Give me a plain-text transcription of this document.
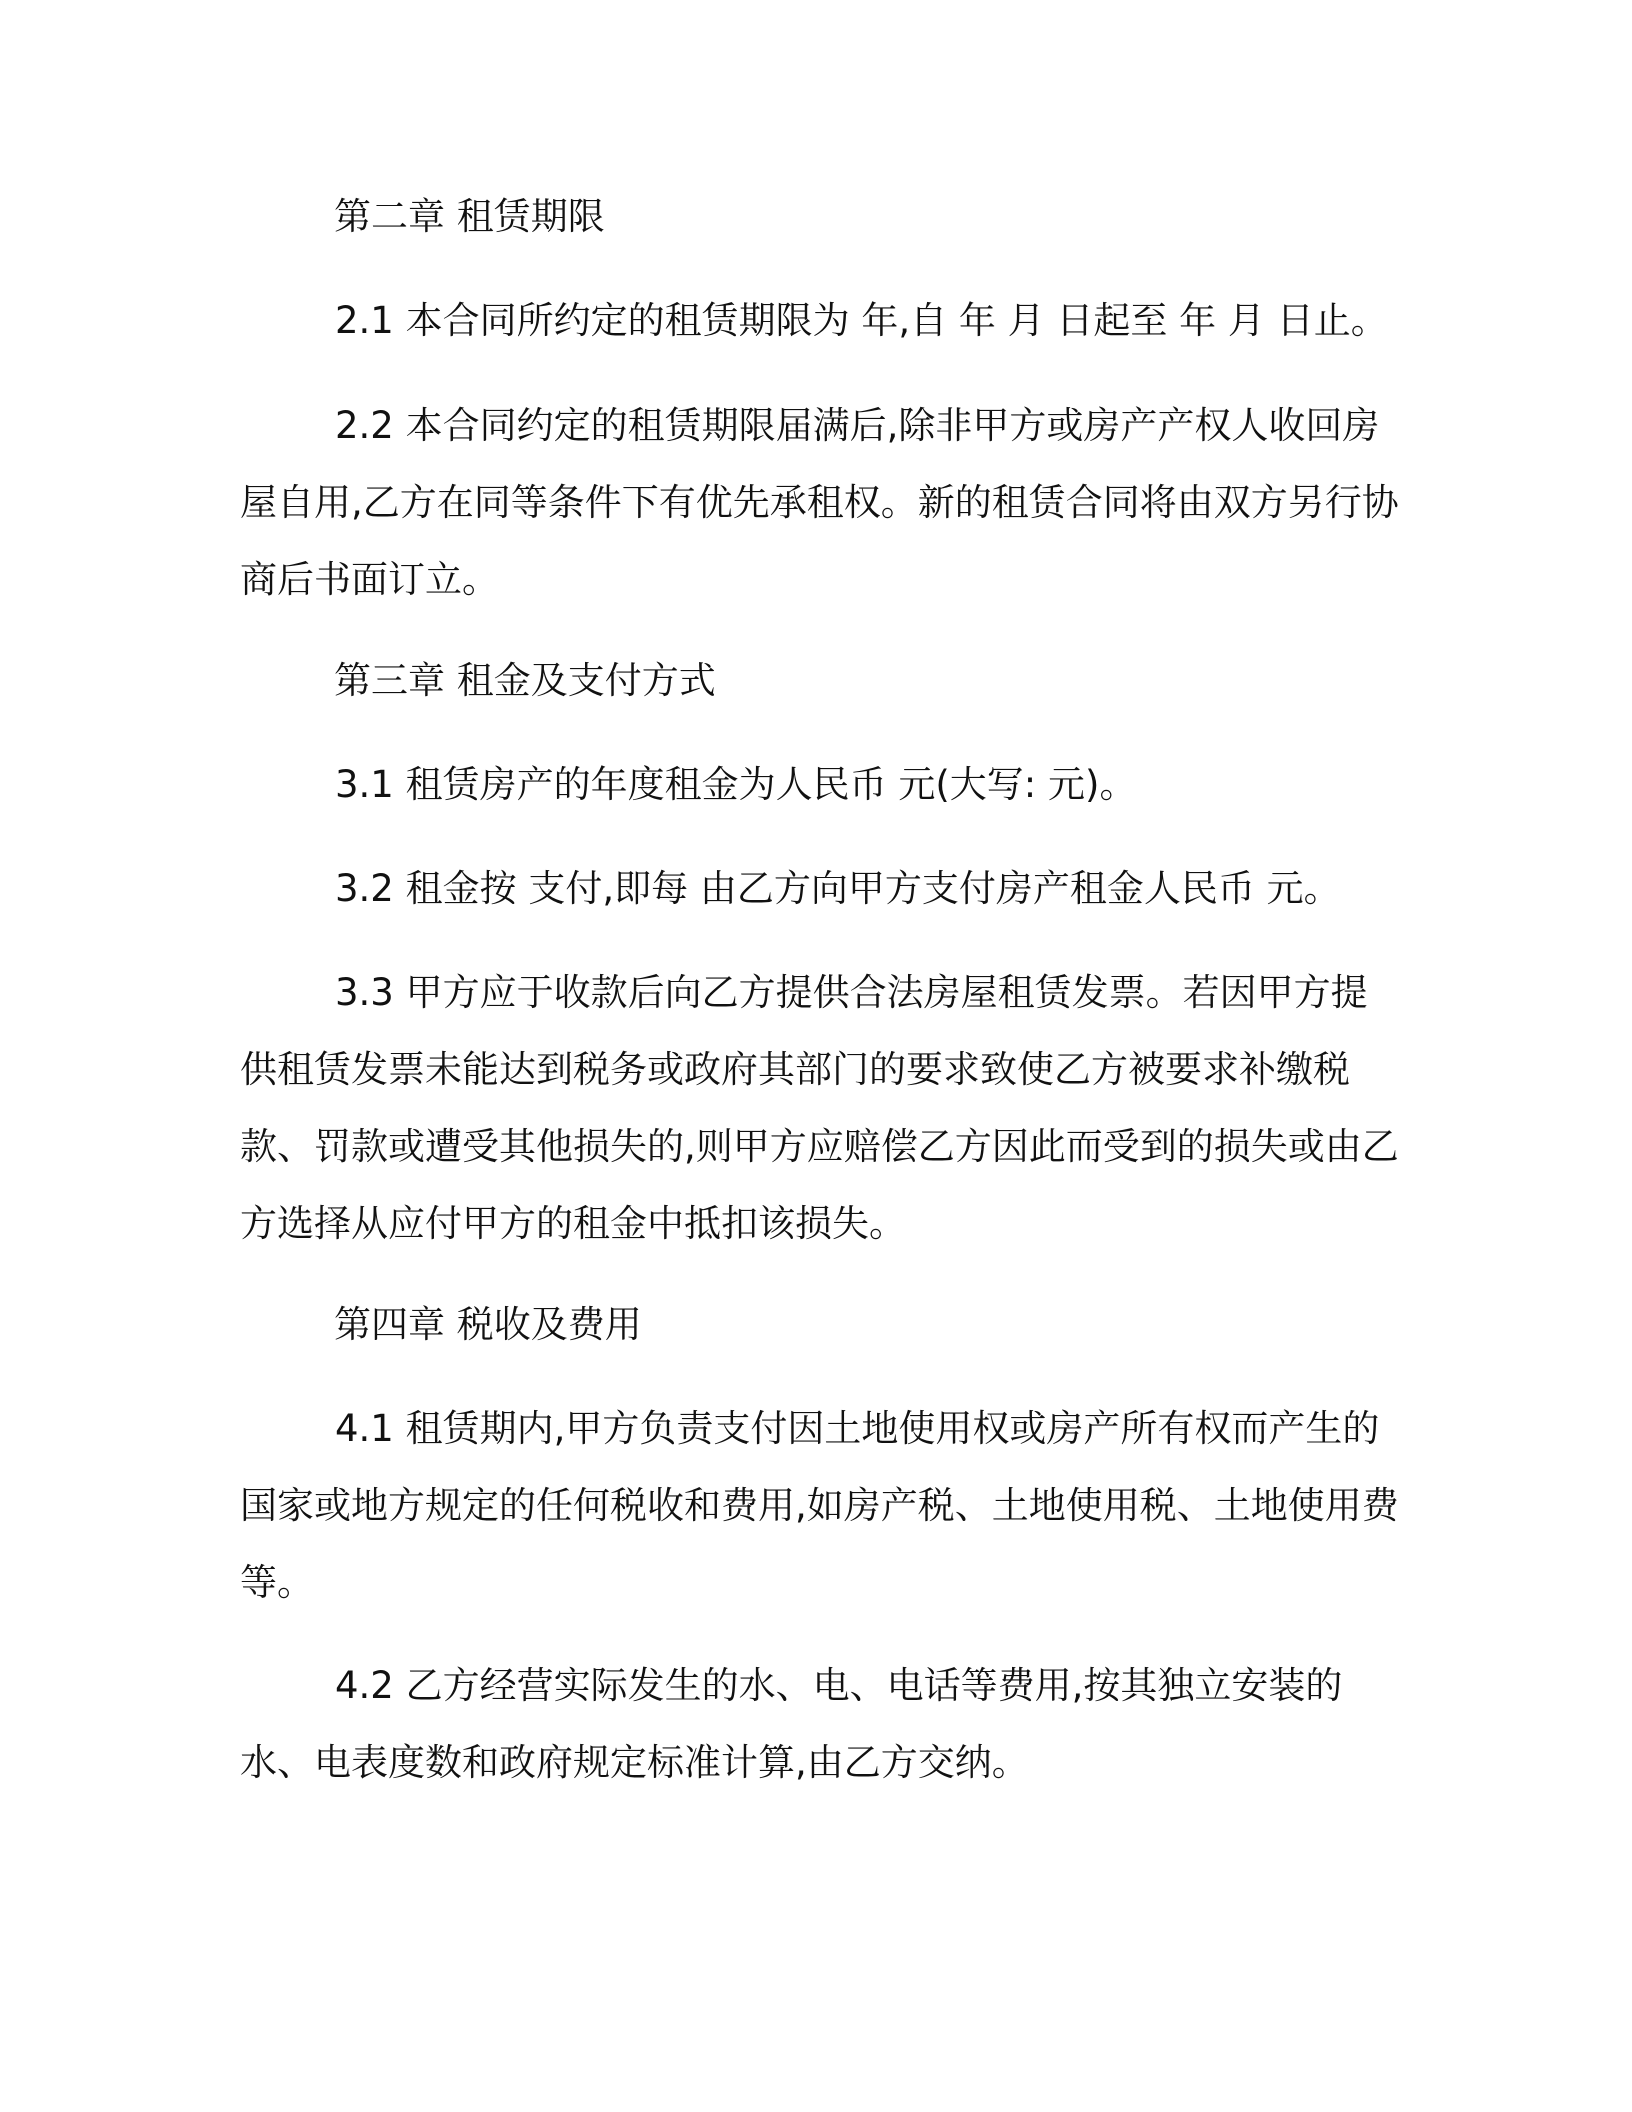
第二章 租赁期限

2.1 本合同所约定的租赁期限为 年,自 年 月 日起至 年 月 日止。

2.2 本合同约定的租赁期限届满后,除非甲方或房产产权人收回房屋自用,乙方在同等条件下有优先承租权。新的租赁合同将由双方另行协商后书面订立。

第三章 租金及支付方式

3.1 租赁房产的年度租金为人民币 元(大写: 元)。

3.2 租金按 支付,即每 由乙方向甲方支付房产租金人民币 元。

3.3 甲方应于收款后向乙方提供合法房屋租赁发票。若因甲方提供租赁发票未能达到税务或政府其部门的要求致使乙方被要求补缴税款、罚款或遭受其他损失的,则甲方应赔偿乙方因此而受到的损失或由乙方选择从应付甲方的租金中抵扣该损失。

第四章 税收及费用

4.1 租赁期内,甲方负责支付因土地使用权或房产所有权而产生的国家或地方规定的任何税收和费用,如房产税、土地使用税、土地使用费等。

4.2 乙方经营实际发生的水、电、电话等费用,按其独立安装的水、电表度数和政府规定标准计算,由乙方交纳。
